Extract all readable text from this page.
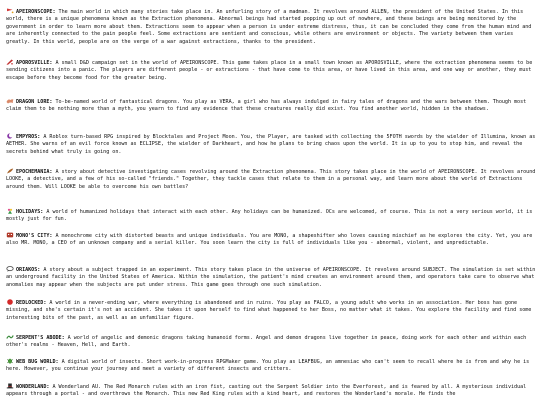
APEIRONSCOPE: The main world in which many stories take place in. An unfurling story of a madman. It revolves around ALLEN, the president of the United States. In this world, there is a unique phenomena known as the Extraction phenomena. Abnormal beings had started popping up out of nowhere, and these beings are being monitored by the government in order to learn more about them. Extractions seem to appear when a person is under extreme distress, thus, it can be concluded they come from the human mind and are inherently connected to the pain people feel. Some extractions are sentient and conscious, while others are environment or objects. The variety between them varies greatly. In this world, people are on the verge of a war against extractions, thanks to the president.
APOROSVILLE: A small D&D campaign set in the world of APEIRONSCOPE. This game takes place in a small town known as APOROSVILLE, where the extraction phenomena seems to be sending citizens into a panic. The players are different people - or extractions - that have come to this area, or have lived in this area, and one way or another, they must escape before they become food for the greater being.
DRAGON LORE: To-be-named world of fantastical dragons. You play as VERA, a girl who has always indulged in fairy tales of dragons and the wars between them. Though most claim them to be nothing more than a myth, you yearn to find any evidence that these creatures really did exist. You find another world, hidden in the shadows.
EMPYROS: A Roblox turn-based RPG inspired by Blocktales and Project Moon. You, the Player, are tasked with collecting the 5FOTH swords by the wielder of Illumina, known as AETHER. She warns of an evil force known as ECLIPSE, the wielder of Darkheart, and how he plans to bring chaos upon the world. It is up to you to stop him, and reveal the secrets behind what truly is going on.
EPOCHEMANIA: A story about detective investigating cases revolving around the Extraction phenomena. This story takes place in the world of APEIRONSCOPE. It revolves around LOOKE, a detective, and a few of his so-called "friends." Together, they tackle cases that relate to them in a personal way, and learn more about the world of Extractions around them. Will LOOKE be able to overcome his own battles?
HOLIDAYS: A world of humanized holidays that interact with each other. Any holidays can be humanized. OCs are welcomed, of course. This is not a very serious world, it is mostly just for fun.
MONO'S CITY: A monochrome city with distorted beasts and unique individuals. You are MONO, a shapeshifter who loves causing mischief as he explores the city. Yet, you are also MR. MONO, a CEO of an unknown company and a serial killer. You soon learn the city is full of individuals like you - abnormal, violent, and unpredictable.
ORIAKOS: A story about a subject trapped in an experiment. This story takes place in the universe of APEIRONSCOPE. It revolves around SUBJECT. The simulation is set within an underground facility in the United States of America. Within the simulation, the patient's mind creates an environment around them, and operators take care to observe what anomalies may appear when the subjects are put under stress. This game goes through one such simulation.
REDLOCKED: A world in a never-ending war, where everything is abandoned and in ruins. You play as FALCO, a young adult who works in an association. Her boss has gone missing, and she's certain it's not an accident. She takes it upon herself to find what happened to her Boss, no matter what it takes. You explore the facility and find some interesting bits of the past, as well as an unfamiliar figure.
SERPENT'S ABODE: A world of angelic and demonic dragons taking humanoid forms. Angel and demon dragons live together in peace, doing work for each other and within each other's realms - Heaven, Hell, and Earth.
WEB BUG WORLD: A digital world of insects. Short work-in-progress RPGMaker game. You play as LEAFBUG, an amnesiac who can't seem to recall where he is from and why he is here. However, you continue your journey and meet a variety of different insects and critters.
WONDERLAND: A Wonderland AU. The Red Monarch rules with an iron fist, casting out the Serpent Soldier into the Everforest, and is feared by all. A mysterious individual appears through a portal - and overthrows the Monarch. This new Red King rules with a kind heart, and restores the Wonderland's morale. He finds the
